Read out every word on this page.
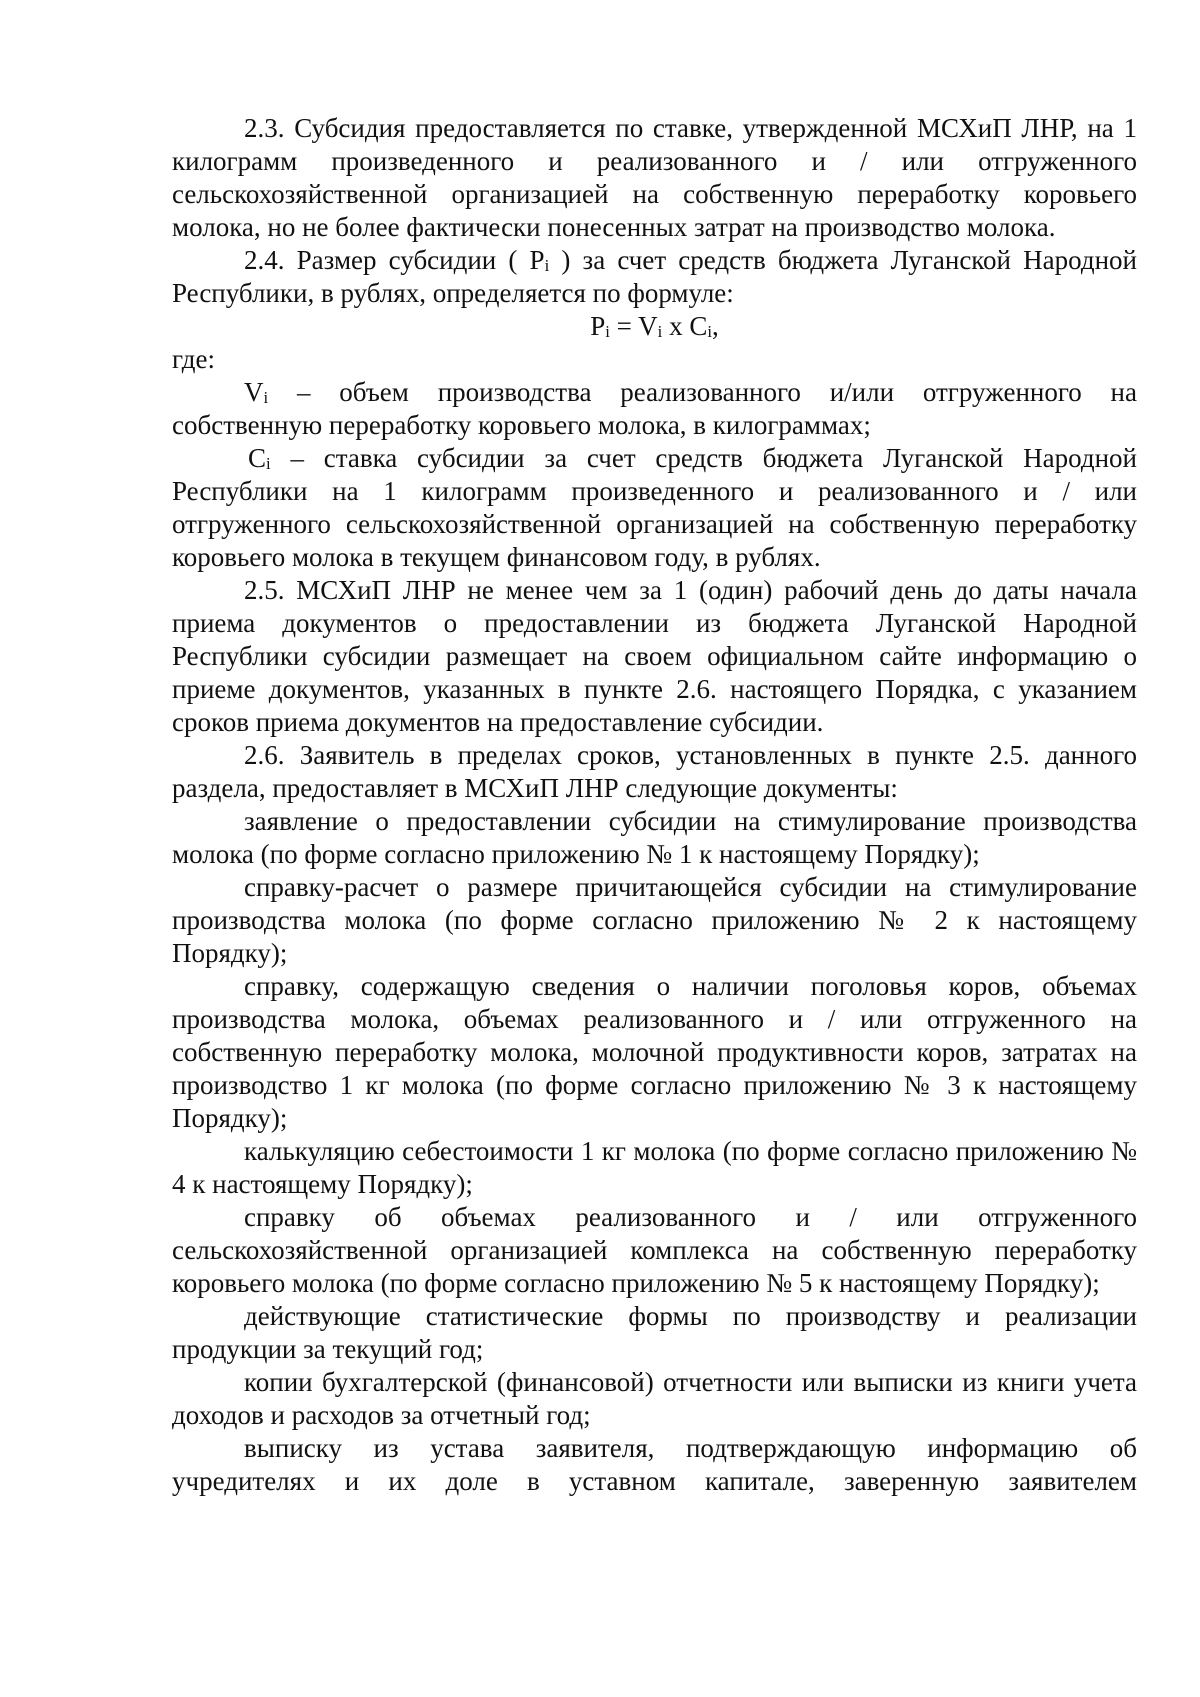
2.3. Субсидия предоставляется по ставке, утвержденной МСХиП ЛНР, на 1 килограмм произведенного и реализованного и / или отгруженного сельскохозяйственной организацией на собственную переработку коровьего молока, но не более фактически понесенных затрат на производство молока.

2.4. Размер субсидии ( $P_i$ ) за счет средств бюджета Луганской Народной Республики, в рублях, определяется по формуле:

$P_i = V_i$ x $C_i$,

где:

$V_i$ – объем производства реализованного и/или отгруженного на собственную переработку коровьего молока, в килограммах;

$C_i$ – ставка субсидии за счет средств бюджета Луганской Народной Республики на 1 килограмм произведенного и реализованного и / или отгруженного сельскохозяйственной организацией на собственную переработку коровьего молока в текущем финансовом году, в рублях.

2.5. МСХиП ЛНР не менее чем за 1 (один) рабочий день до даты начала приема документов о предоставлении из бюджета Луганской Народной Республики субсидии размещает на своем официальном сайте информацию о приеме документов, указанных в пункте 2.6. настоящего Порядка, с указанием сроков приема документов на предоставление субсидии.

2.6. Заявитель в пределах сроков, установленных в пункте 2.5. данного раздела, предоставляет в МСХиП ЛНР следующие документы:

заявление о предоставлении субсидии на стимулирование производства молока (по форме согласно приложению № 1 к настоящему Порядку);

справку-расчет о размере причитающейся субсидии на стимулирование производства молока (по форме согласно приложению № 2 к настоящему Порядку);

справку, содержащую сведения о наличии поголовья коров, объемах производства молока, объемах реализованного и / или отгруженного на собственную переработку молока, молочной продуктивности коров, затратах на производство 1 кг молока (по форме согласно приложению № 3 к настоящему Порядку);

калькуляцию себестоимости 1 кг молока (по форме согласно приложению № 4 к настоящему Порядку);

справку об объемах реализованного и / или отгруженного сельскохозяйственной организацией комплекса на собственную переработку коровьего молока (по форме согласно приложению № 5 к настоящему Порядку);

действующие статистические формы по производству и реализации продукции за текущий год;

копии бухгалтерской (финансовой) отчетности или выписки из книги учета доходов и расходов за отчетный год;

выписку из устава заявителя, подтверждающую информацию об учредителях и их доле в уставном капитале, заверенную заявителем
